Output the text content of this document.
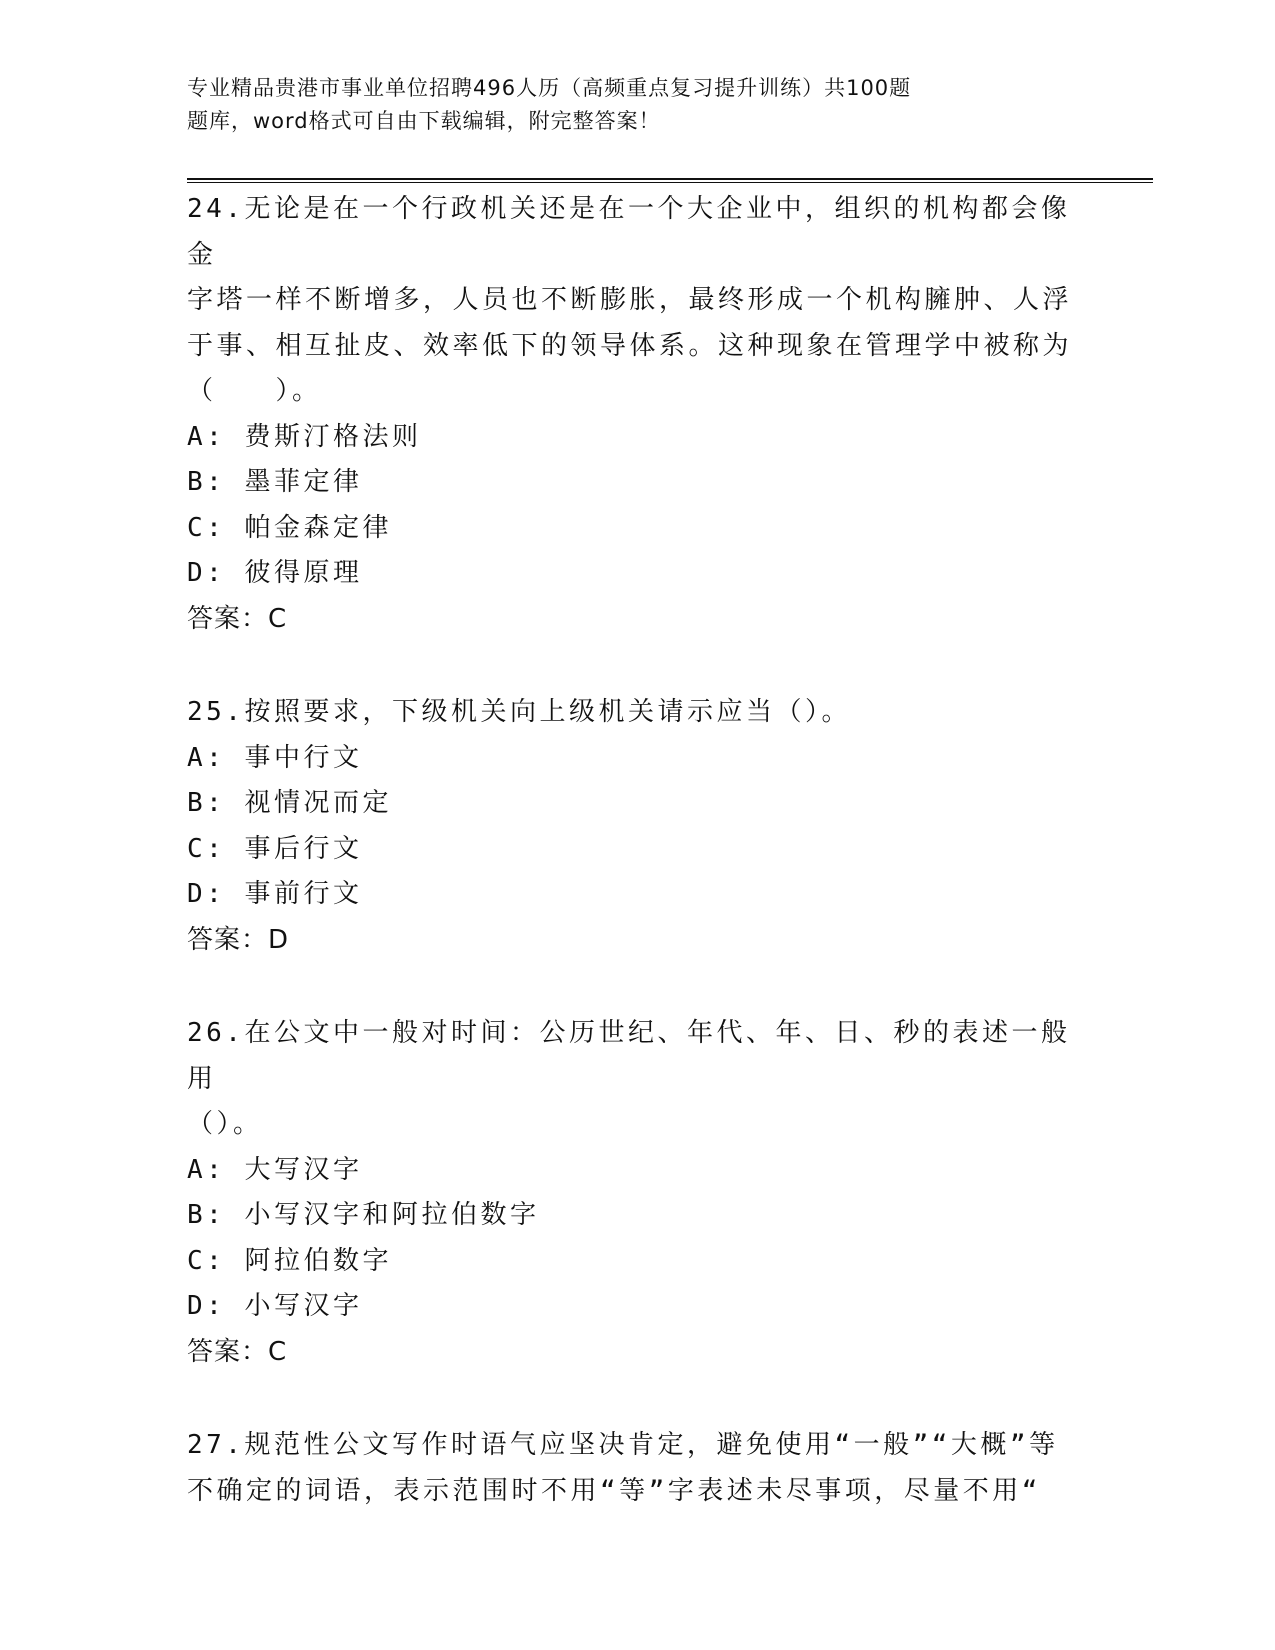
专业精品贵港市事业单位招聘496人历（高频重点复习提升训练）共100题
题库，word格式可自由下载编辑，附完整答案！

24.无论是在一个行政机关还是在一个大企业中，组织的机构都会像金

字塔一样不断增多，人员也不断膨胀，最终形成一个机构臃肿、人浮

于事、相互扯皮、效率低下的领导体系。这种现象在管理学中被称为

（　　）。

A: 费斯汀格法则

B: 墨菲定律

C: 帕金森定律

D: 彼得原理

答案：C

25.按照要求，下级机关向上级机关请示应当（）。

A: 事中行文

B: 视情况而定

C: 事后行文

D: 事前行文

答案：D

26.在公文中一般对时间：公历世纪、年代、年、日、秒的表述一般用

（）。

A: 大写汉字

B: 小写汉字和阿拉伯数字

C: 阿拉伯数字

D: 小写汉字

答案：C

27.规范性公文写作时语气应坚决肯定，避免使用“一般”“大概”等

不确定的词语，表示范围时不用“等”字表述未尽事项，尽量不用“
